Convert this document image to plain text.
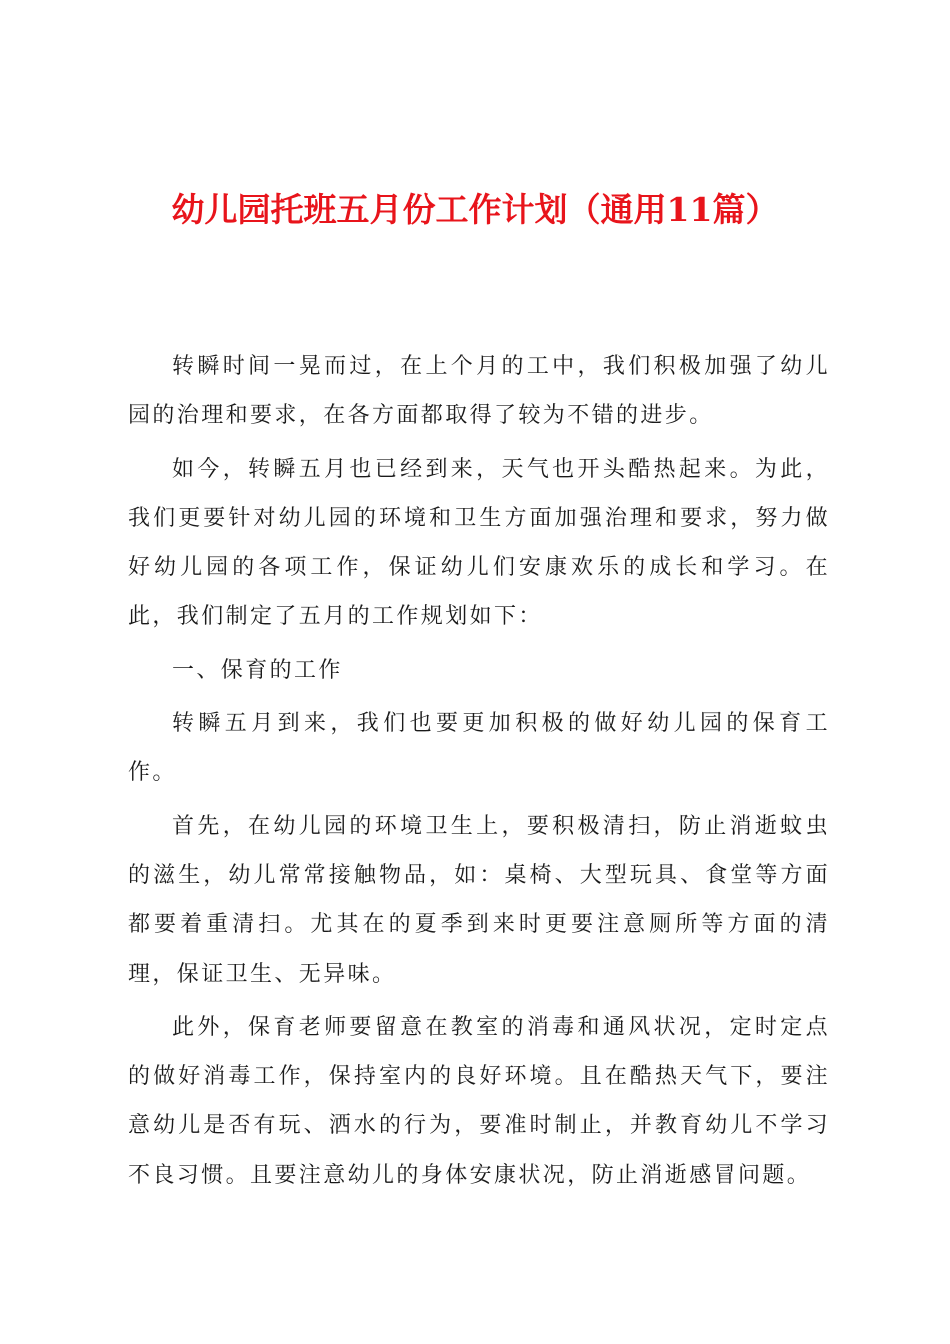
幼儿园托班五月份工作计划（通用11篇）

转瞬时间一晃而过，在上个月的工中，我们积极加强了幼儿园的治理和要求，在各方面都取得了较为不错的进步。

如今，转瞬五月也已经到来，天气也开头酷热起来。为此，我们更要针对幼儿园的环境和卫生方面加强治理和要求，努力做好幼儿园的各项工作，保证幼儿们安康欢乐的成长和学习。在此，我们制定了五月的工作规划如下：

一、保育的工作

转瞬五月到来，我们也要更加积极的做好幼儿园的保育工作。

首先，在幼儿园的环境卫生上，要积极清扫，防止消逝蚊虫的滋生，幼儿常常接触物品，如：桌椅、大型玩具、食堂等方面都要着重清扫。尤其在的夏季到来时更要注意厕所等方面的清理，保证卫生、无异味。

此外，保育老师要留意在教室的消毒和通风状况，定时定点的做好消毒工作，保持室内的良好环境。且在酷热天气下，要注意幼儿是否有玩、洒水的行为，要准时制止，并教育幼儿不学习不良习惯。且要注意幼儿的身体安康状况，防止消逝感冒问题。
